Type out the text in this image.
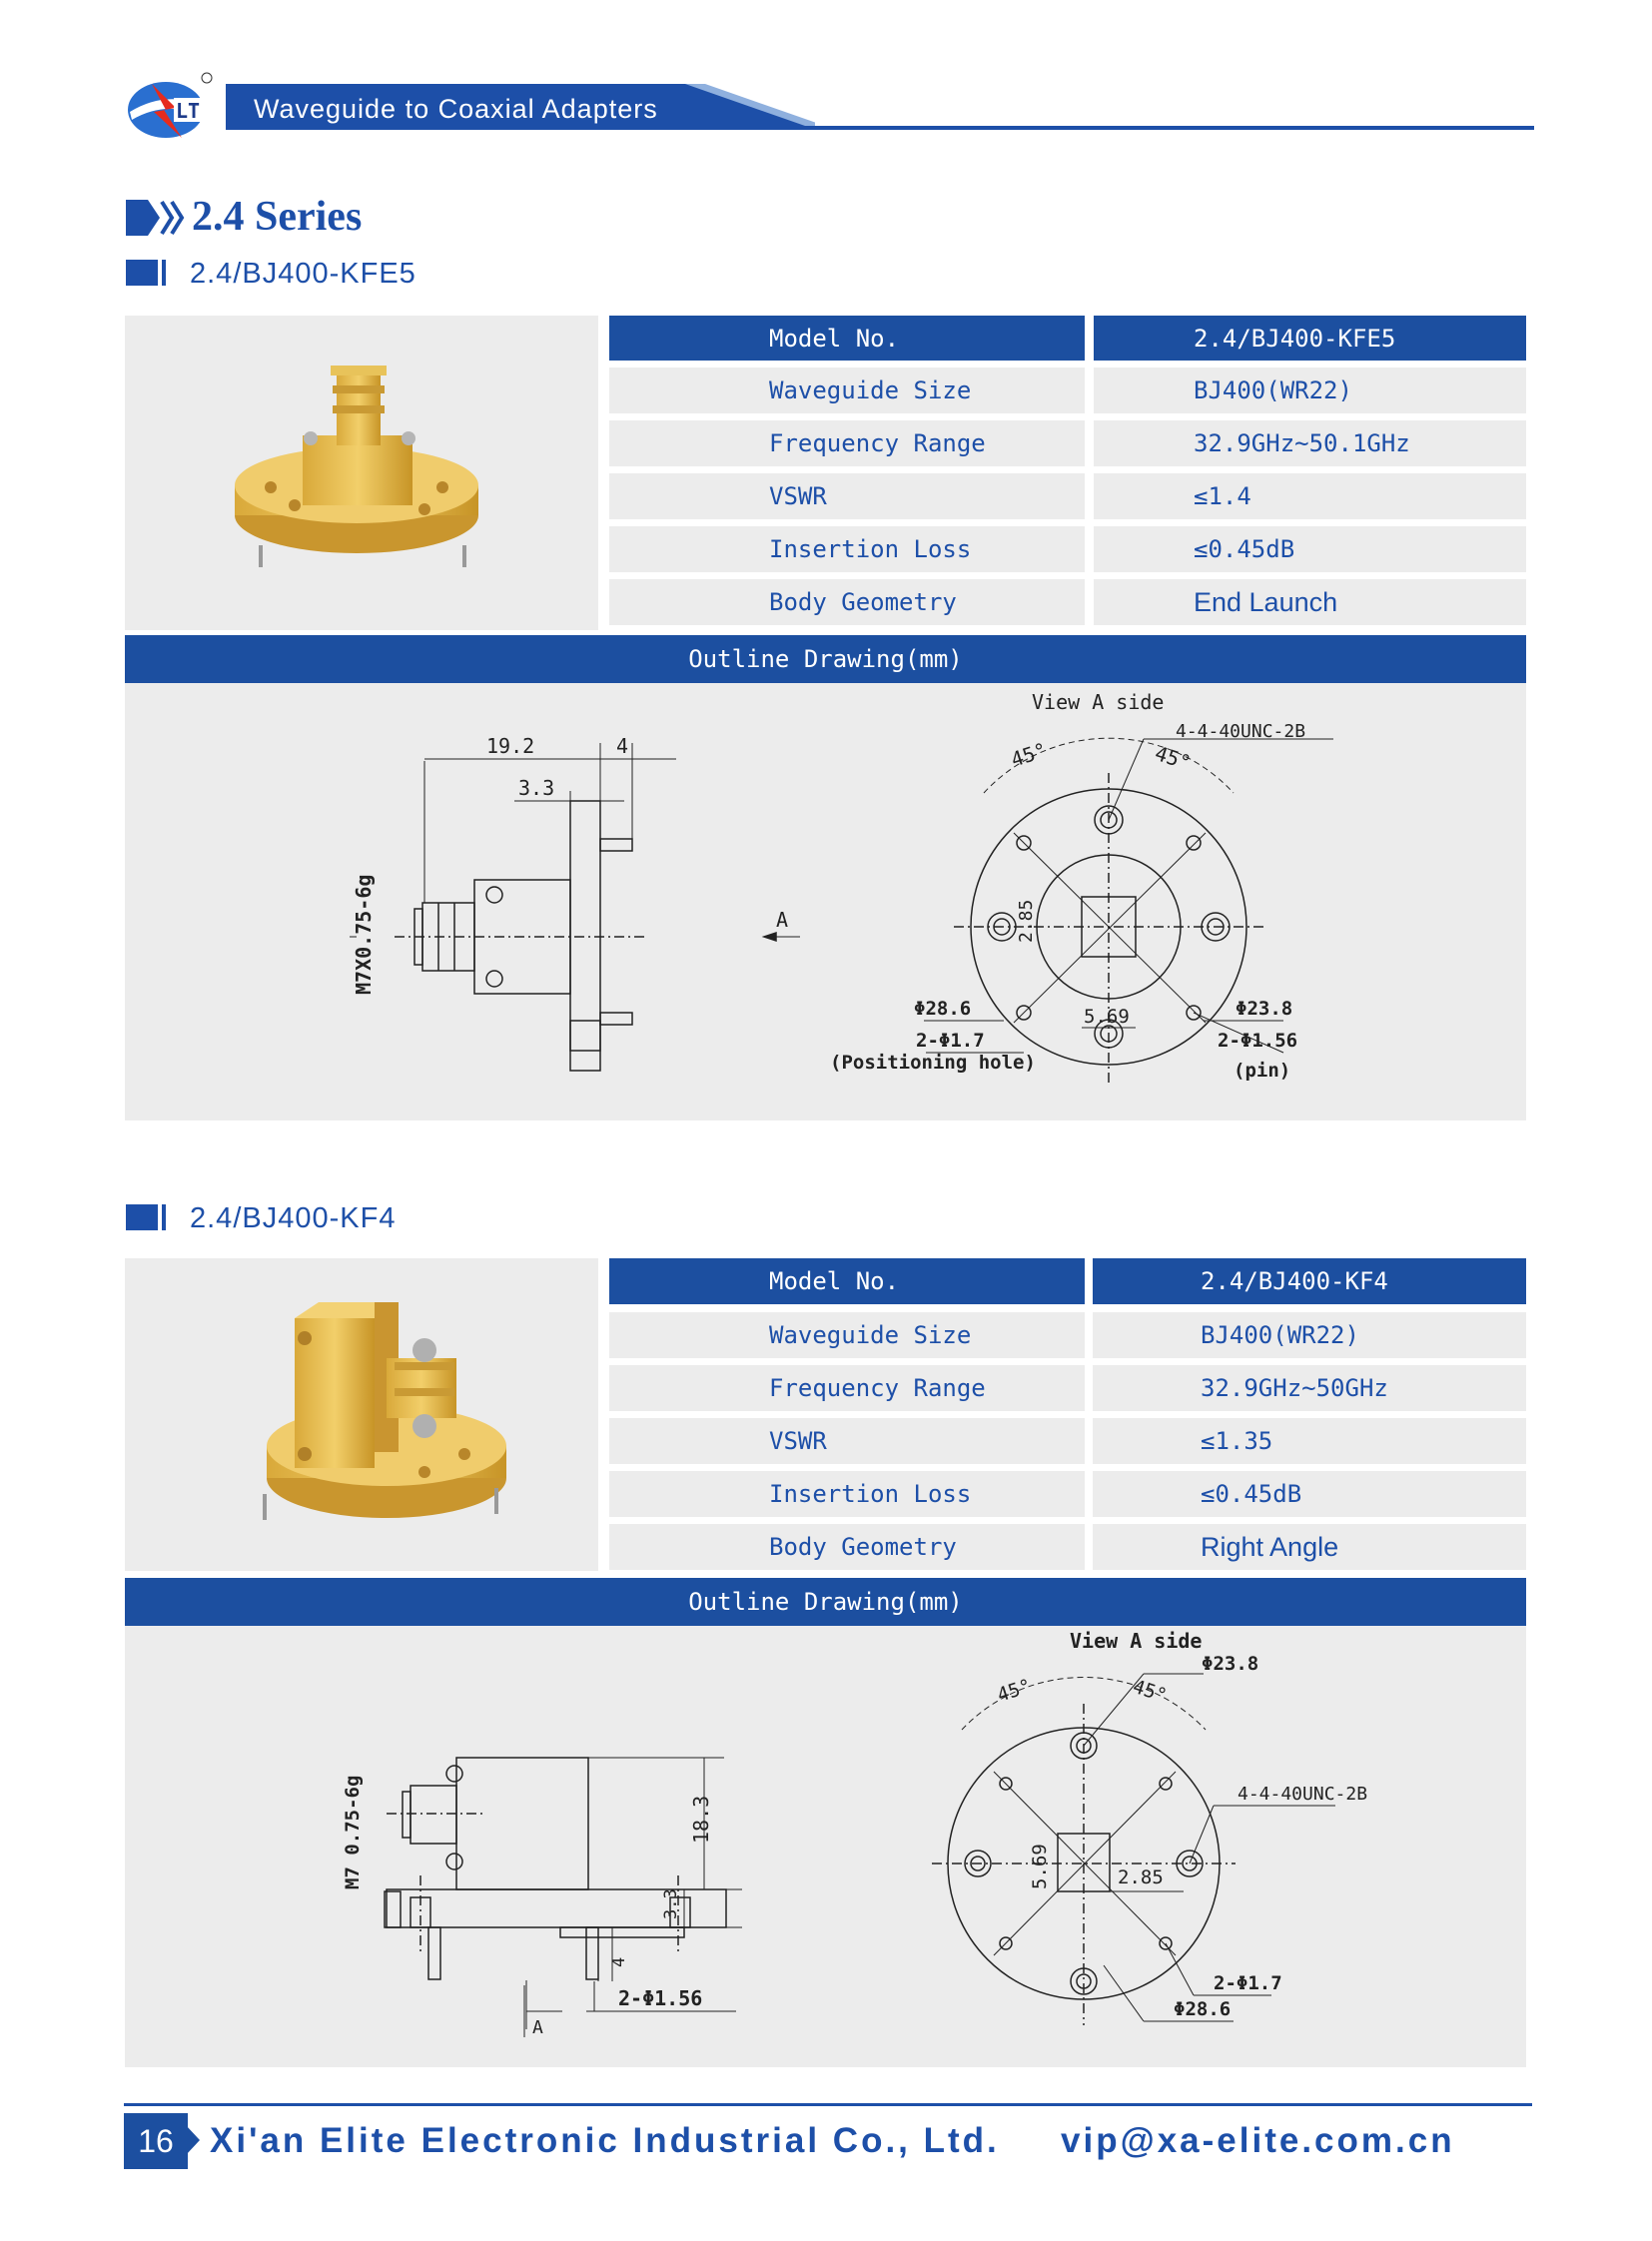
LT Waveguide to Coaxial Adapters
2.4 Series
2.4/BJ400-KFE5
Model No.	2.4/BJ400-KFE5
Waveguide Size	BJ400(WR22)
Frequency Range	32.9GHz~50.1GHz
VSWR	≤1.4
Insertion Loss	≤0.45dB
Body Geometry	End Launch
Outline Drawing(mm)
19.2	4
3.3
M7X0.75-6g	A
View A side
4-4-40UNC-2B
45°	45°
2.85
5.69
Φ28.6	Φ23.8
2-Φ1.7
(Positioning hole)
2-Φ1.56
(pin)
2.4/BJ400-KF4
Model No.	2.4/BJ400-KF4
Waveguide Size	BJ400(WR22)
Frequency Range	32.9GHz~50GHz
VSWR	≤1.35
Insertion Loss	≤0.45dB
Body Geometry	Right Angle
Outline Drawing(mm)
M7 0.75-6g	18.3
3.3
4
2-Φ1.56
A
View A side
Φ23.8
45°	45°
4-4-40UNC-2B
5.69	2.85
2-Φ1.7
Φ28.6
16	Xi'an Elite Electronic Industrial Co., Ltd. vip@xa-elite.com.cn
